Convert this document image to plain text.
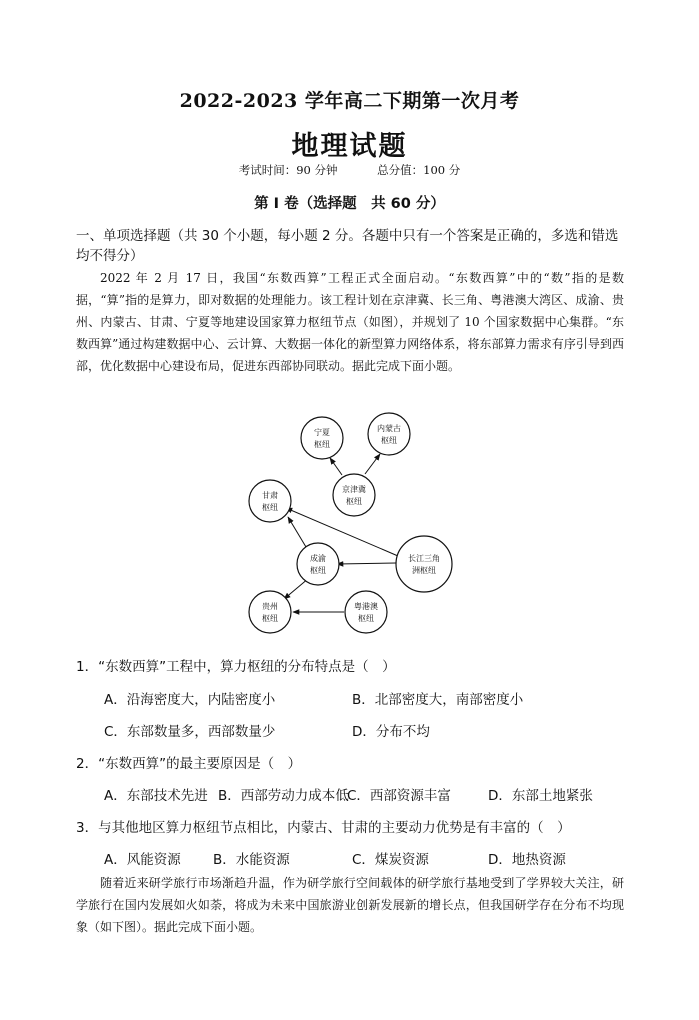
2022-2023 学年高二下期第一次月考
地理试题
考试时间：90 分钟	总分值：100 分
第 I 卷（选择题　共 60 分）
一、单项选择题（共 30 个小题，每小题 2 分。各题中只有一个答案是正确的，多选和错选均不得分）

2022 年 2 月 17 日，我国“东数西算”工程正式全面启动。“东数西算”中的“数”指的是数据，“算”指的是算力，即对数据的处理能力。该工程计划在京津冀、长三角、粤港澳大湾区、成渝、贵州、内蒙古、甘肃、宁夏等地建设国家算力枢纽节点（如图），并规划了 10 个国家数据中心集群。“东数西算”通过构建数据中心、云计算、大数据一体化的新型算力网络体系，将东部算力需求有序引导到西部，优化数据中心建设布局，促进东西部协同联动。据此完成下面小题。

宁夏
枢纽
内蒙古
枢纽
京津冀
枢纽
甘肃
枢纽
成渝
枢纽
长江三角
洲枢纽
贵州
枢纽
粤港澳
枢纽
1．“东数西算”工程中，算力枢纽的分布特点是（　）
A．沿海密度大，内陆密度小	B．北部密度大，南部密度小
C．东部数量多，西部数量少	D．分布不均
2．“东数西算”的最主要原因是（　）
A．东部技术先进 B．西部劳动力成本低
C．西部资源丰富	D．东部土地紧张
3．与其他地区算力枢纽节点相比，内蒙古、甘肃的主要动力优势是有丰富的（　）
A．风能资源 B．水能资源	C．煤炭资源	D．地热资源

随着近来研学旅行市场渐趋升温，作为研学旅行空间载体的研学旅行基地受到了学界较大关注，研学旅行在国内发展如火如荼，将成为未来中国旅游业创新发展新的增长点，但我国研学存在分布不均现象（如下图）。据此完成下面小题。
